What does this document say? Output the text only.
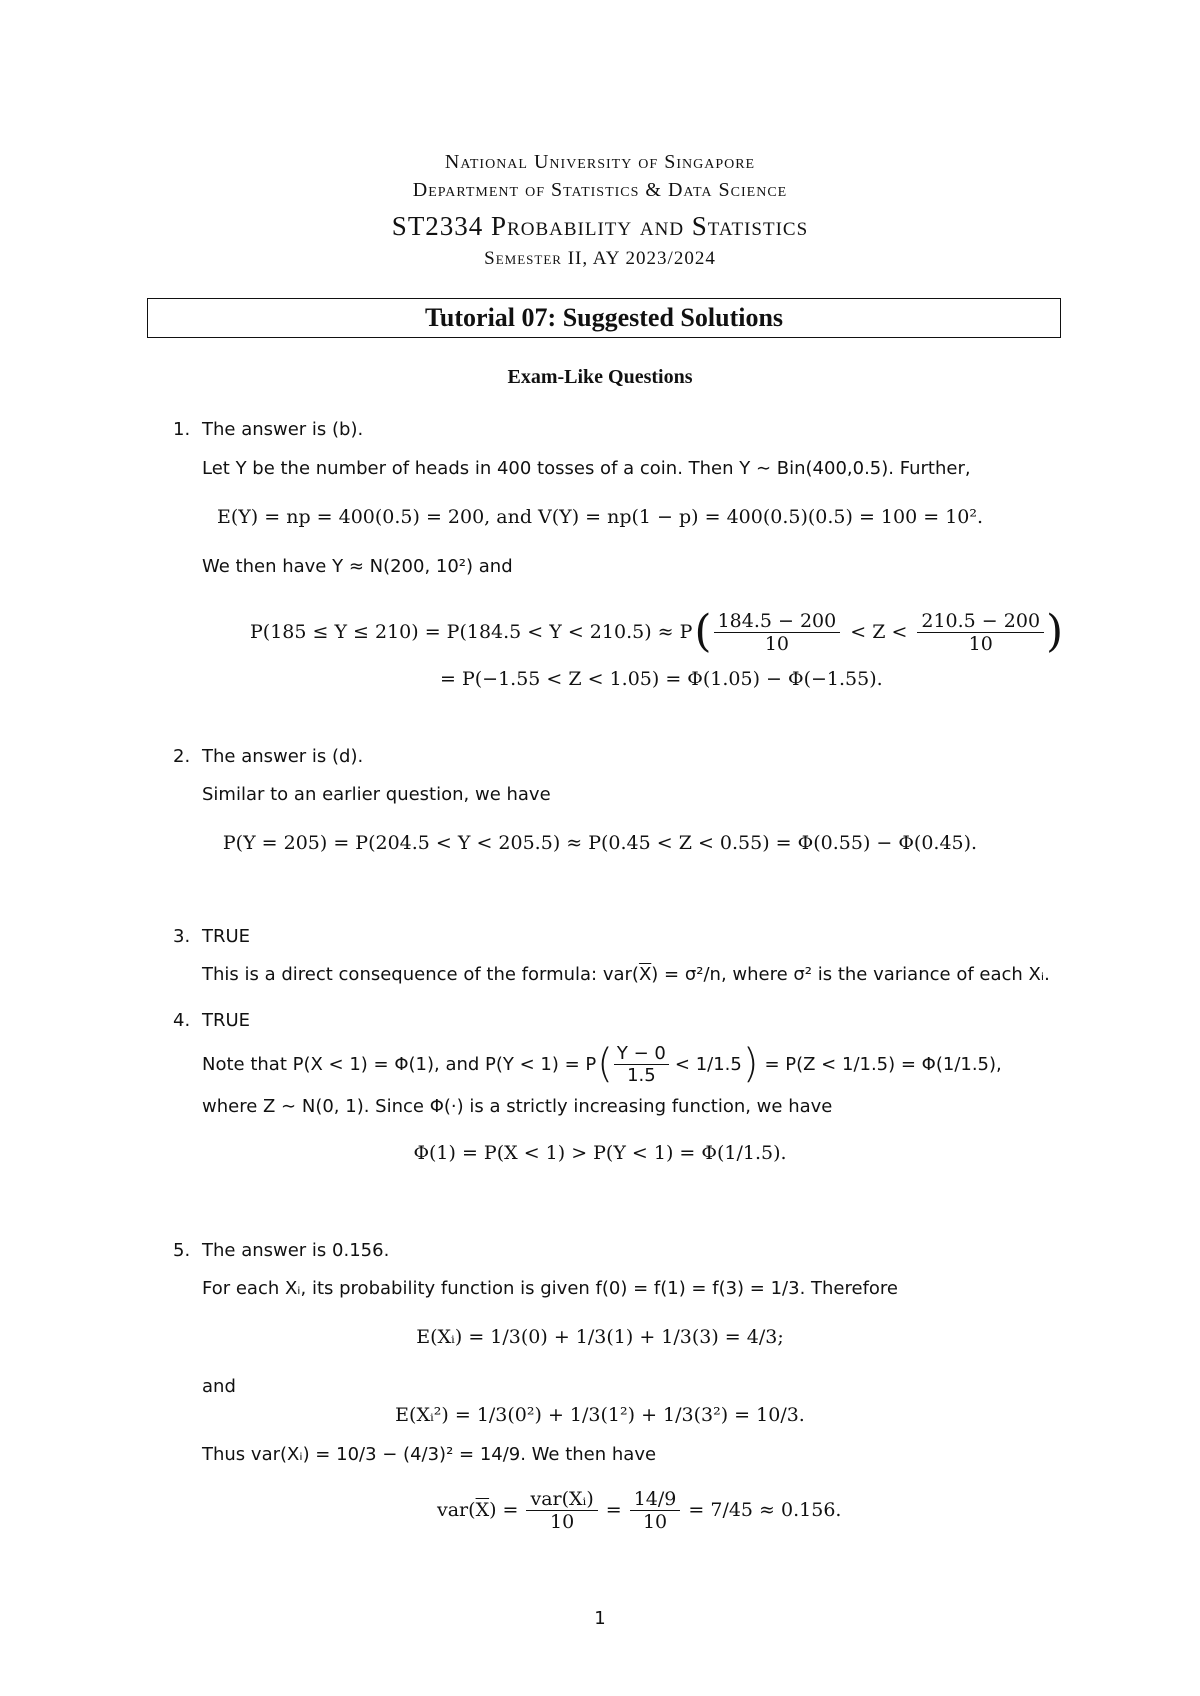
National University of Singapore
Department of Statistics & Data Science
ST2334 Probability and Statistics
Semester II, AY 2023/2024
Tutorial 07: Suggested Solutions
Exam-Like Questions
1. The answer is (b).
Let Y be the number of heads in 400 tosses of a coin. Then Y ∼ Bin(400,0.5). Further,
E(Y) = np = 400(0.5) = 200, and V(Y) = np(1 − p) = 400(0.5)(0.5) = 100 = 10².
We then have Y ≈ N(200, 10²) and
P(185 ≤ Y ≤ 210) = P(184.5 < Y < 210.5) ≈ P ( $\frac{184.5 - 200}{10} < Z < \frac{210.5 - 200}{10}$ )
= P(−1.55 < Z < 1.05) = Φ(1.05) − Φ(−1.55).
2. The answer is (d).
Similar to an earlier question, we have
P(Y = 205) = P(204.5 < Y < 205.5) ≈ P(0.45 < Z < 0.55) = Φ(0.55) − Φ(0.45).
3. TRUE
This is a direct consequence of the formula: $var(\overline{X}) = \sigma^2/n$, where σ² is the variance of each Xᵢ.
4. TRUE
Note that P(X < 1) = Φ(1), and P(Y < 1) = P ( $\frac{Y - 0}{1.5} < 1/1.5$ ) = P(Z < 1/1.5) = Φ(1/1.5),
where Z ∼ N(0, 1). Since Φ(·) is a strictly increasing function, we have
Φ(1) = P(X < 1) > P(Y < 1) = Φ(1/1.5).
5. The answer is 0.156.
For each Xᵢ, its probability function is given f(0) = f(1) = f(3) = 1/3. Therefore
E(Xᵢ) = 1/3(0) + 1/3(1) + 1/3(3) = 4/3;
and
E(Xᵢ²) = 1/3(0²) + 1/3(1²) + 1/3(3²) = 10/3.
Thus var(Xᵢ) = 10/3 − (4/3)² = 14/9. We then have
var( $\overline{X}$ ) =
var(Xᵢ)
10
= $\frac{14/9}{10} = 7/45 \approx 0.156$.
1
